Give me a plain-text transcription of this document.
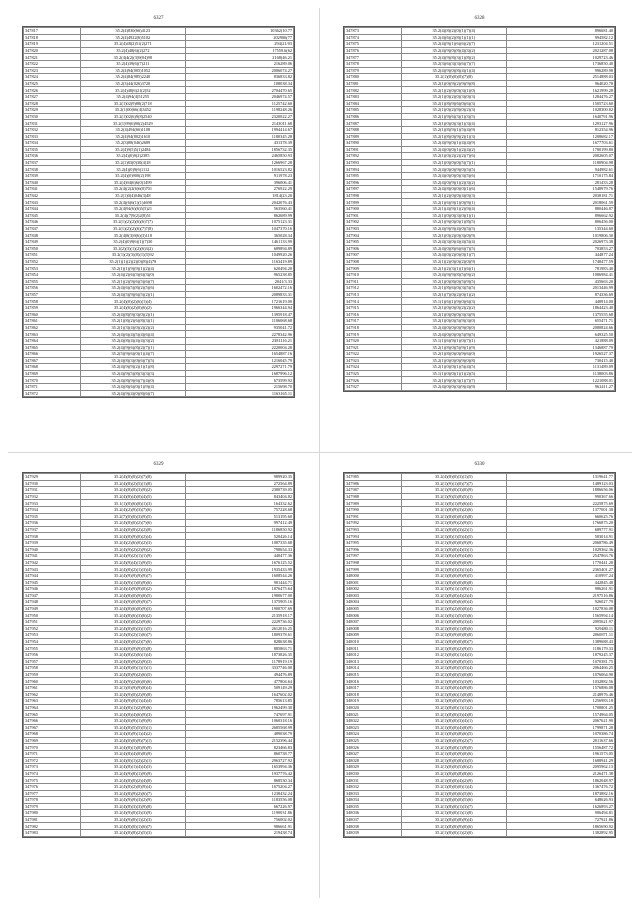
6327
347817	35.2(4)830(66)4123	10362(10.77
347818	35.2(4)4922(6)5102	202906(77
347819	35.2(4)48(2)51(2)271	294(21/03
347820	35.2(4)48(6)(2)272	17559.6(62
347821	35.2(4)4(2)(3)9(04)98	2168(46.21
347822	35.2(4)39(6)(7)211	216289.06
347823	35.2(4)94(005)1052	2006074.27
347824	35.2(4)84(985)2240	836833.82
347825	35.2(3)44(026)3720	108038.34
347826	35.2(4)48(6)21(2)52	2704470.65
347827	35.2(4)94(4)51255	2046974.57
347828	35.2(1)02(9)88(2)718	1125742.60
347829	35.2(1)00(66(4)3452	1198248.26
347830	35.2(1)02(6)9(8)2540	2320022.27
347831	35.2(1)99(6)90(2)4529	2143011.68
347832	35.2(4)494(66)1108	1994414.67
347833	35.2(4)94(802)1610	1180345.28
347834	35.2(3)88(046)2689	431378.39
347835	35.2(4)9(5)5(1)2484	1856732.35
347836	35.2(4)(0)9(2)2385	2465850.93
347837	35.2(1)83(0)30(4)18	1266967.28
347838	35.2(4)(0)9(6)1112	1016523.82
347839	35.2(4)(0)900(2)198	911978.23
347840	35.2(4)94(6)6(0)1499	396006.41
347841	35.2(4)(2)2(6)6(0)701	276922.29
347842	35.2(1)0(4)046(3)48	1814(23.20
347843	35.2(4)(6)6(1)(1)4698	2042076.43
347844	35.2(4)94(6)(6)5(5)21	563560.41
347845	35.2(4)(7)9(2)2(8)51	862689.99
347846	35.2(1)(2)(2)(6)(6)7(7)	1075123.31
347847	35.2(1)(2)(2)(6)(7)7(8)	1047370.16
347848	35.2(4)8(3)9(6)(3)118	365028.34
347849	35.2(4)(0)9(6)(1)(7)30	1461133.99
347850	35.2(2)(3)(1)(2)(6)3(2)	689894.89
347851	35.2(1)(2)(3)(0)(1)(5)92	1049920.26
347852	35.2(1)(1)(2)(2)(0)(8)(4)78	1163419.89
347853	35.2(1)(1)(9)(9)(1)(2)(4)	620494.20
347854	35.2(4)(2)(6)(3)(6)(3)(0)	965238.85
347855	35.2(1)(2)(9)(6)(5)(6)(7)	2041/3.33
347856	35.2(4)(6)(5)(8)(2)(5)(6)	1602472.16
347857	35.2(4)(5)(9)(6)(5)(2)(1)	2089833.31
347858	35.2(4)(0)(2)(6)(1)(4)	1721619.00
347859	35.2(4)(6)(2)(0)(6)(2)	1966344.94
347860	35.2(4)(8)(9)(3)(0)(2)(1)	1395918.47
347861	35.2(1)(8)(2)(6)(8)(3)(1)	1106068.68
347862	35.2(1)(3)(4)(0)(2)(2)(2)	935041.72
347863	35.2(4)(6)(4)(5)(4)(6)(4)	2278342.96
347864	35.2(4)(8)(4)(4)(4)(3)(2)	2381116.21
347865	35.2(4)(9)(6)(8)(2)(7)(1)	2220004.28
347866	35.2(5)(9)(6)(0)(1)(4)(7)	1654887.16
347867	35.2(4)(8)(3)(0)(6)(7)(5)	1216045.79
347868	35.2(4)(9)(9)(2)(1)(1)(8)	2297271.79
347869	35.2(4)(9)(5)(8)(3)(3)(3)	1687996.12
347870	35.2(4)(8)(9)(6)(7)(4)(0)	673599.92
347871	35.2(4)(8)(6)(0)(1)(9)(4)	215698.70
347872	35.2(4)(9)(4)(0)(8)(6)(7)	1163165.11
6328
347873	35.2(4)(8)(2)(0)(1)(7)(4)	896681.40
347874	35.2(4)(6)(2)(8)(1)(1)(1)	994582.12
347875	35.2(4)(9)(1)(6)(6)(2)(7)	1231204.51
347876	35.2(4)(9)(0)(8)(4)(3)(2)	2021287.08
347877	35.2(4)(9)(8)(3)(1)(8)(2)	1029723.46
347878	35.2(3)(6)(3)(3)(6)(7)(7)	1736850.40
347879	35.2(4)(9)(0)(8)(4)(1)(4)	996289.98
347880	35.2(1)(8)(0)(0)(7)(8)	2514888.03
347881	35.2(1)(0)(9)(2)(9)(9)(8)	964020.78
347882	35.2(1)(2)(0)(0)(3)(1)(0)	1621999.28
347883	35.2(1)(0)(2)(0)(3)(0)(3)	1284476.27
347884	35.2(1)(8)(9)(6)(0)(6)(3)	1505723.60
347885	35.2(1)(0)(2)(9)(0)(2)(3)	1028300.82
347886	35.2(1)(9)(6)(3)(1)(3)(5)	1640791.96
347887	35.2(1)(0)(0)(3)(1)(3)(4)	1293127.96
347888	35.2(1)(8)(9)(1)(5)(4)(9)	812354.96
347889	35.2(1)(8)(0)(9)(2)(1)(3)	1208682.17
347890	35.2(4)(9)(0)(1)(4)(4)(9)	1677703.61
347891	35.2(4)(0)(0)(1)(2)(4)(2)	1780199.80
347892	35.2(1)(0)(2)(2)(2)(7)(6)	2082605.07
347893	35.2(1)(0)(0)(0)(5)(7)(1)	1180904.98
347894	35.2(4)(0)(0)(9)(0)(5)(5)	944982.61
347895	35.2(4)(0)(0)(0)(3)(5)(6)	1710175.84
347896	35.2(4)(0)(9)(1)(2)(3)(2)	281433.28
347897	35.2(4)(8)(0)(0)(0)(1)(6)	1548979.76
347898	35.2(1)(2)(0)(0)(4)(0)(3)	2038181.71
347899	35.2(1)(6)(9)(1)(0)(9)(1)	2018061.59
347900	35.2(1)(4)(9)(1)(2)(9)(4)	880446.87
347901	35.2(1)(0)(0)(3)(0)(1)(1)	896662.92
347902	35.2(1)(9)(0)(0)(1)(8)(5)	806456.00
347903	35.2(4)(9)(9)(4)(0)(5)(5)	135344.60
347904	35.2(1)(0)(2)(0)(3)(0)(9)	1019806.30
347905	35.2(4)(3)(0)(4)(4)(5)(4)	2026973.38
347906	35.2(4)(0)(8)(6)(6)(7)(5)	703853.27
347907	35.2(4)(0)(2)(0)(0)(1)(7)	444877.24
347908	35.2(1)(2)(0)(0)(2)(0)(9)	1748477.59
347909	35.2(1)(2)(3)(1)(1)(6)(1)	781983.40
347910	35.2(4)(9)(9)(8)(5)(9)(2)	1086984.41
347911	35.2(1)(0)(8)(0)(5)(9)(5)	435663.20
347912	35.2(1)(8)(6)(0)(3)(5)(5)	2013446.99
347913	35.2(1)(7)(0)(2)(0)(1)(2)	874336.69
347914	35.1(1)(6)(1)(9)(0)(6)(3)	448914.00
347915	35.2(1)(0)(0)(0)(2)(2)(2)	1864423.40
347916	35.2(1)(0)(0)(0)(3)(3)(9)	1375555.68
347917	35.2(1)(0)(0)(5)(9)(3)(0)	655471.71
347918	35.2(4)(0)(0)(0)(9)(0)(0)	2080824.66
347919	35.2(4)(0)(0)(0)(5)(9)(5)	649325.50
347920	35.1(1)(6)(9)(1)(0)(7)(1)	421888.09
347921	35.2(1)(8)(0)(5)(9)(1)(9)	1346887.79
347922	35.2(1)(8)(0)(0)(9)(6)(0)	1926527.37
347923	35.2(1)(0)(0)(0)(9)(0)(8)	730415.40
347924	35.2(1)(0)(0)(1)(5)(4)(5)	1131489.09
347925	35.1(1)(0)(0)(1)(1)(2)(5)	1138003.86
347926	35.2(1)(9)(0)(3)(1)(7)(7)	1221088.01
347927	35.2(4)(0)(0)(3)(9)(4)(9)	962411.27
6329
347929	35.2(4)(8)(0)(2)(7)(8)	989920.35
347930	35.2(4)(8)(2)(5)(1)(8)	272564.89
347931	35.2(4)(8)(0)(3)(9)(2)	2380739.05
347932	35.2(4)(8)(4)(0)(4)(5)	843404.82
347933	35.1(1)(0)(6)(0)(1)(3)	164332.62
347934	35.2(4)(2)(9)(3)(7)(6)	757228.68
347935	35.2(7)(0)(0)(3)(9)(5)	513195.60
347936	35.2(4)(8)(0)(2)(7)(6)	997412.49
347937	35.2(4)(0)(8)(2)(2)(8)	1186850.92
347938	35.2(4)(8)(9)(0)(2)(4)	520426.14
347939	35.2(4)(2)(6)(0)(2)(3)	1087335.68
347940	35.2(4)(9)(2)(2)(9)(2)	798654.33
347941	35.2(4)(9)(2)(1)(1)(9)	440477.36
347942	35.2(4)(9)(4)(1)(9)(5)	1676125.52
347943	35.2(4)(8)(2)(1)(3)(4)	1935433.99
347944	35.2(4)(9)(9)(9)(9)(7)	1608544.26
347945	35.2(4)(9)(1)(0)(9)(6)	981444.71
347946	35.2(4)(4)(9)(9)(0)(2)	1876475.64
347947	35.2(4)(8)(0)(9)(8)(5)	1980677.00
347948	35.2(4)(9)(0)(9)(9)(7)	1375905.16
347949	35.2(4)(8)(6)(0)(9)(3)	1900707.69
347950	35.2(4)(8)(6)(3)(6)(2)	2135918.17
347951	35.2(4)(0)(0)(2)(9)(6)	2229736.02
347952	35.2(4)(8)(0)(3)(1)(5)	2612016.25
347953	35.2(4)(8)(2)(1)(6)(7)	1809378.61
347954	35.2(4)(8)(0)(2)(7)(6)	828638.86
347955	35.2(4)(0)(9)(9)(5)(8)	885863.71
347956	35.2(4)(8)(2)(6)(1)(4)	1873826.35
347957	35.2(4)(8)(9)(2)(9)(3)	1178919.19
347958	35.2(4)(8)(0)(1)(1)(1)	3337746.00
347959	35.2(4)(8)(9)(2)(6)(5)	494476.89
347960	35.2(4)(9)(2)(6)(0)(6)	477804.64
347961	35.2(1)(0)(9)(9)(8)(4)	509149.29
347962	35.2(4)(9)(0)(2)(9)(8)	1647602.02
347963	35.2(4)(9)(0)(1)(4)(4)	785613.85
347964	35.2(4)(8)(1)(2)(9)(6)	1962499.30
347965	35.2(4)(8)(4)(6)(9)(3)	747697.91
347966	35.2(4)(0)(9)(1)(9)(9)	1060318.16
347967	35.2(4)(8)(5)(5)(5)(1)	2685568.99
347968	35.2(4)(0)(9)(1)(4)(2)	489038.79
347969	35.2(4)(0)(0)(9)(7)(1)	2152396.44
347970	35.2(4)(8)(1)(0)(9)(9)	823466.83
347971	35.2(4)(8)(4)(0)(8)(9)	860738.77
347972	35.2(4)(8)(1)(2)(2)(1)	2963727.92
347973	35.2(4)(8)(1)(4)(4)(3)	1653994.36
347974	35.2(4)(9)(8)(1)(9)(9)	1937776.42
347975	35.2(4)(8)(0)(2)(4)(8)	868530.34
347976	35.2(4)(8)(2)(0)(9)(4)	1675204.27
347977	35.2(4)(8)(9)(2)(6)(7)	1238432.24
347978	35.2(4)(9)(9)(3)(2)(9)	1183556.08
347979	35.2(4)(8)(3)(3)(9)(8)	667226.97
347980	35.2(4)(9)(0)(3)(3)(9)	1190031.86
347981	35.2(4)(9)(8)(1)(2)(3)	756002.02
347982	35.2(4)(8)(0)(1)(6)(7)	986661.91
347983	35.2(4)(8)(8)(2)(5)(3)	219438.74
6330
347985	35.2(4)(8)(0)(3)(1)(5)	1319641.77
347986	35.2(1)(9)(1)(0)(7)(7)	1489123.03
347987	35.2(1)(9)(0)(3)(0)(9)	1886656.06
347988	35.2(1)(9)(5)(8)(5)(1)	990367.66
347989	35.2(1)(8)(1)(9)(6)(4)	2225875.69
347990	35.2(1)(8)(9)(3)(2)(6)	1377001.38
347991	35.2(1)(8)(0)(0)(3)(8)	660625.76
347992	35.2(1)(8)(9)(2)(9)(5)	1766875.20
347993	35.2(1)(8)(0)(3)(2)(1)	689777.91
347994	35.2(1)(8)(1)(5)(4)(5)	583014.91
347995	35.2(1)(8)(0)(0)(9)(9)	2068786.49
347996	35.2(1)(8)(0)(4)(3)(1)	1029362.36
347997	35.2(1)(8)(4)(9)(4)(6)	2547863.76
347998	35.2(1)(8)(0)(9)(0)(9)	1770441.28
347999	35.2(1)(8)(3)(3)(1)(4)	2365401.27
348000	35.2(1)(8)(0)(9)(9)(5)	410997.24
348001	35.2(1)(8)(0)(0)(8)(8)	442845.48
348002	35.2(1)(8)(1)(1)(9)(1)	986261.91
348003	35.2(1)(8)(0)(4)(2)(4)	2197516.86
348004	35.2(1)(8)(0)(6)(0)(4)	926027.79
348005	35.2(1)(8)(2)(0)(0)(4)	1027836.08
348006	35.2(1)(8)(1)(5)(5)(6)	1565994.14
348007	35.2(1)(8)(0)(8)(3)(4)	2095621.97
348008	35.2(1)(8)(0)(1)(8)(6)	929480.11
348009	35.2(1)(8)(9)(0)(8)(8)	2060871.11
348010	35.2(1)(8)(0)(0)(8)(7)	1389688.43
348011	35.2(1)(8)(0)(2)(9)(5)	1186179.33
348012	35.2(1)(8)(0)(1)(4)(3)	1879245.37
348013	35.2(1)(8)(0)(8)(5)(5)	1070381.75
348014	35.2(1)(8)(0)(5)(5)(4)	2064466.25
348015	35.2(1)(8)(0)(5)(0)(8)	1076064.90
348016	35.2(1)(8)(0)(5)(3)(9)	1032882.56
348017	35.2(1)(8)(0)(4)(9)(8)	1576886.08
348018	35.2(1)(8)(6)(1)(0)(8)	2148976.46
348019	35.2(1)(8)(0)(5)(5)(6)	1256983.18
348020	35.2(1)(8)(0)(1)(1)(2)	1708801.25
348021	35.2(1)(8)(0)(3)(4)(8)	1574964.05
348022	35.2(1)(8)(0)(3)(4)(1)	2067621.90
348023	35.2(1)(8)(0)(4)(8)(9)	1799871.28
348024	35.2(1)(8)(0)(8)(6)(5)	1070386.74
348025	35.2(1)(8)(0)(9)(2)(7)	2011637.66
348026	35.2(1)(8)(0)(1)(9)(0)	1556487.72
348027	35.2(1)(8)(0)(9)(0)(6)	1961573.05
348028	35.2(1)(8)(0)(8)(3)(5)	1688941.29
348029	35.2(1)(8)(0)(5)(6)(2)	2095962.13
348030	35.2(1)(8)(0)(8)(8)(6)	2126471.38
348031	35.2(1)(8)(0)(4)(2)(9)	1862048.97
348032	35.2(1)(8)(0)(0)(1)(4)	1367476.72
348033	35.2(1)(8)(0)(6)(5)(6)	1873882.16
348034	35.2(1)(8)(0)(0)(5)(6)	648626.93
348035	35.2(1)(8)(0)(1)(3)(7)	1626893.27
348036	35.2(1)(8)(0)(1)(1)(8)	906494.81
348037	35.2(1)(8)(0)(8)(9)(4)	727921.86
348038	35.2(1)(8)(0)(9)(0)(6)	1865690.92
348039	35.2(1)(8)(0)(1)(2)(0)	1382892.95
